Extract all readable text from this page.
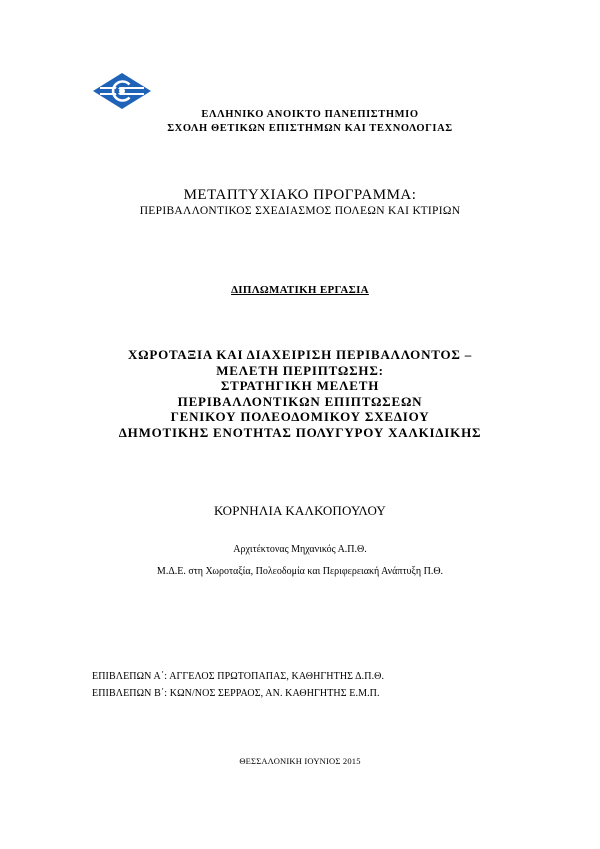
ΕΛΛΗΝΙΚΟ ΑΝΟΙΚΤΟ ΠΑΝΕΠΙΣΤΗΜΙΟ
ΣΧΟΛΗ ΘΕΤΙΚΩΝ ΕΠΙΣΤΗΜΩΝ ΚΑΙ ΤΕΧΝΟΛΟΓΙΑΣ
ΜΕΤΑΠΤΥΧΙΑΚΟ ΠΡΟΓΡΑΜΜΑ:
ΠΕΡΙΒΑΛΛΟΝΤΙΚΟΣ ΣΧΕΔΙΑΣΜΟΣ ΠΟΛΕΩΝ ΚΑΙ ΚΤΙΡΙΩΝ
ΔΙΠΛΩΜΑΤΙΚΗ ΕΡΓΑΣΙΑ
ΧΩΡΟΤΑΞΙΑ ΚΑΙ ΔΙΑΧΕΙΡΙΣΗ ΠΕΡΙΒΑΛΛΟΝΤΟΣ –
ΜΕΛΕΤΗ ΠΕΡΙΠΤΩΣΗΣ:
ΣΤΡΑΤΗΓΙΚΗ ΜΕΛΕΤΗ
ΠΕΡΙΒΑΛΛΟΝΤΙΚΩΝ ΕΠΙΠΤΩΣΕΩΝ
ΓΕΝΙΚΟΥ ΠΟΛΕΟΔΟΜΙΚΟΥ ΣΧΕΔΙΟΥ
ΔΗΜΟΤΙΚΗΣ ΕΝΟΤΗΤΑΣ ΠΟΛΥΓΥΡΟΥ ΧΑΛΚΙΔΙΚΗΣ
ΚΟΡΝΗΛΙΑ ΚΑΛΚΟΠΟΥΛΟΥ
Αρχιτέκτονας Μηχανικός Α.Π.Θ.
Μ.Δ.Ε. στη Χωροταξία, Πολεοδομία και Περιφερειακή Ανάπτυξη Π.Θ.
ΕΠΙΒΛΕΠΩΝ Α΄: ΑΓΓΕΛΟΣ ΠΡΩΤΟΠΑΠΑΣ, ΚΑΘΗΓΗΤΗΣ Δ.Π.Θ.
ΕΠΙΒΛΕΠΩΝ Β΄: ΚΩΝ/ΝΟΣ ΣΕΡΡΑΟΣ, ΑΝ. ΚΑΘΗΓΗΤΗΣ Ε.Μ.Π.
ΘΕΣΣΑΛΟΝΙΚΗ ΙΟΥΝΙΟΣ 2015
